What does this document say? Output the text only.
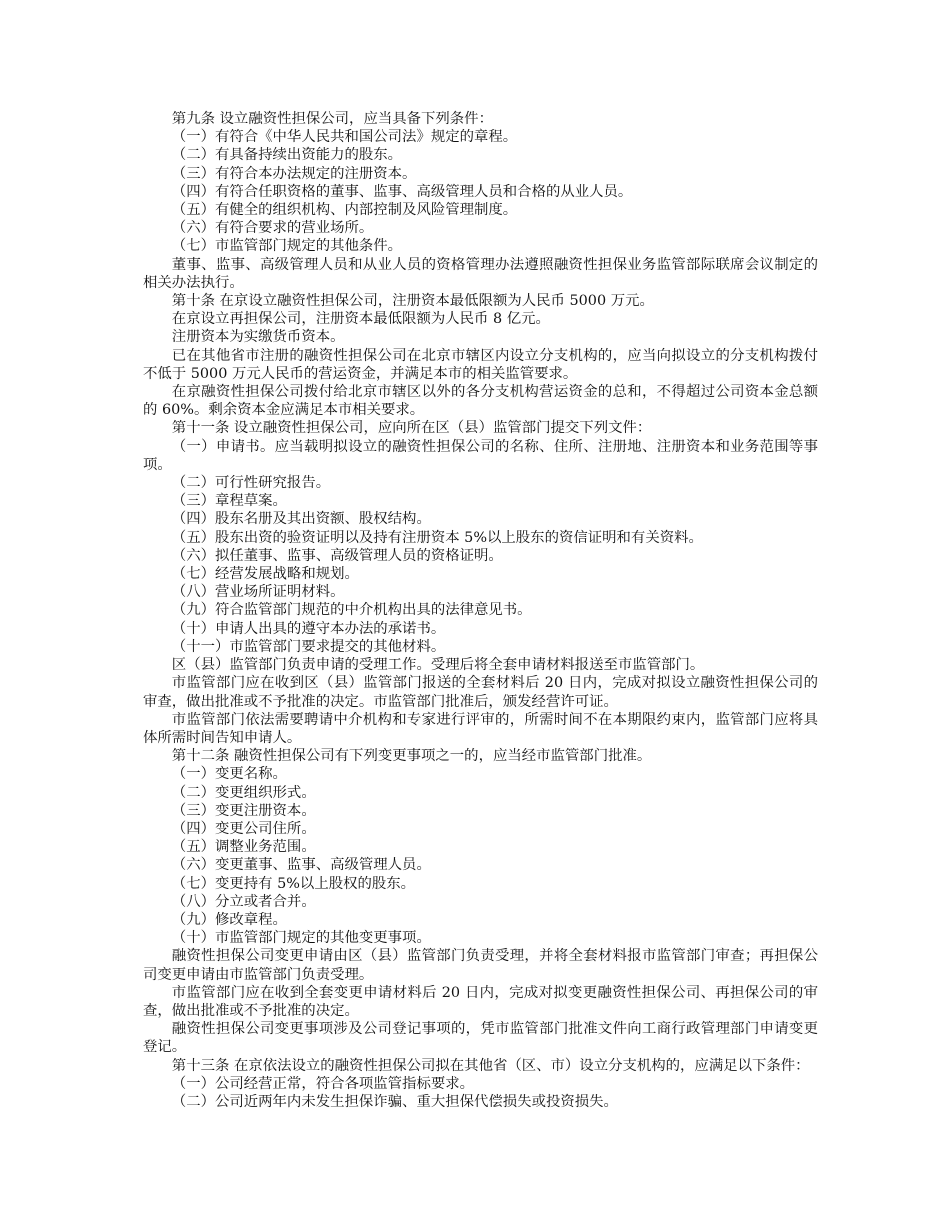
第九条 设立融资性担保公司，应当具备下列条件：

（一）有符合《中华人民共和国公司法》规定的章程。

（二）有具备持续出资能力的股东。

（三）有符合本办法规定的注册资本。

（四）有符合任职资格的董事、监事、高级管理人员和合格的从业人员。

（五）有健全的组织机构、内部控制及风险管理制度。

（六）有符合要求的营业场所。

（七）市监管部门规定的其他条件。

董事、监事、高级管理人员和从业人员的资格管理办法遵照融资性担保业务监管部际联席会议制定的相关办法执行。

第十条 在京设立融资性担保公司，注册资本最低限额为人民币 5000 万元。

在京设立再担保公司，注册资本最低限额为人民币 8 亿元。

注册资本为实缴货币资本。

已在其他省市注册的融资性担保公司在北京市辖区内设立分支机构的，应当向拟设立的分支机构拨付不低于 5000 万元人民币的营运资金，并满足本市的相关监管要求。

在京融资性担保公司拨付给北京市辖区以外的各分支机构营运资金的总和，不得超过公司资本金总额的 60%。剩余资本金应满足本市相关要求。

第十一条 设立融资性担保公司，应向所在区（县）监管部门提交下列文件：

（一）申请书。应当载明拟设立的融资性担保公司的名称、住所、注册地、注册资本和业务范围等事项。

（二）可行性研究报告。

（三）章程草案。

（四）股东名册及其出资额、股权结构。

（五）股东出资的验资证明以及持有注册资本 5%以上股东的资信证明和有关资料。

（六）拟任董事、监事、高级管理人员的资格证明。

（七）经营发展战略和规划。

（八）营业场所证明材料。

（九）符合监管部门规范的中介机构出具的法律意见书。

（十）申请人出具的遵守本办法的承诺书。

（十一）市监管部门要求提交的其他材料。

区（县）监管部门负责申请的受理工作。受理后将全套申请材料报送至市监管部门。

市监管部门应在收到区（县）监管部门报送的全套材料后 20 日内，完成对拟设立融资性担保公司的审查，做出批准或不予批准的决定。市监管部门批准后，颁发经营许可证。

市监管部门依法需要聘请中介机构和专家进行评审的，所需时间不在本期限约束内，监管部门应将具体所需时间告知申请人。

第十二条 融资性担保公司有下列变更事项之一的，应当经市监管部门批准。

（一）变更名称。

（二）变更组织形式。

（三）变更注册资本。

（四）变更公司住所。

（五）调整业务范围。

（六）变更董事、监事、高级管理人员。

（七）变更持有 5%以上股权的股东。

（八）分立或者合并。

（九）修改章程。

（十）市监管部门规定的其他变更事项。

融资性担保公司变更申请由区（县）监管部门负责受理，并将全套材料报市监管部门审查；再担保公司变更申请由市监管部门负责受理。

市监管部门应在收到全套变更申请材料后 20 日内，完成对拟变更融资性担保公司、再担保公司的审查，做出批准或不予批准的决定。

融资性担保公司变更事项涉及公司登记事项的，凭市监管部门批准文件向工商行政管理部门申请变更登记。

第十三条 在京依法设立的融资性担保公司拟在其他省（区、市）设立分支机构的，应满足以下条件：

（一）公司经营正常，符合各项监管指标要求。

（二）公司近两年内未发生担保诈骗、重大担保代偿损失或投资损失。
